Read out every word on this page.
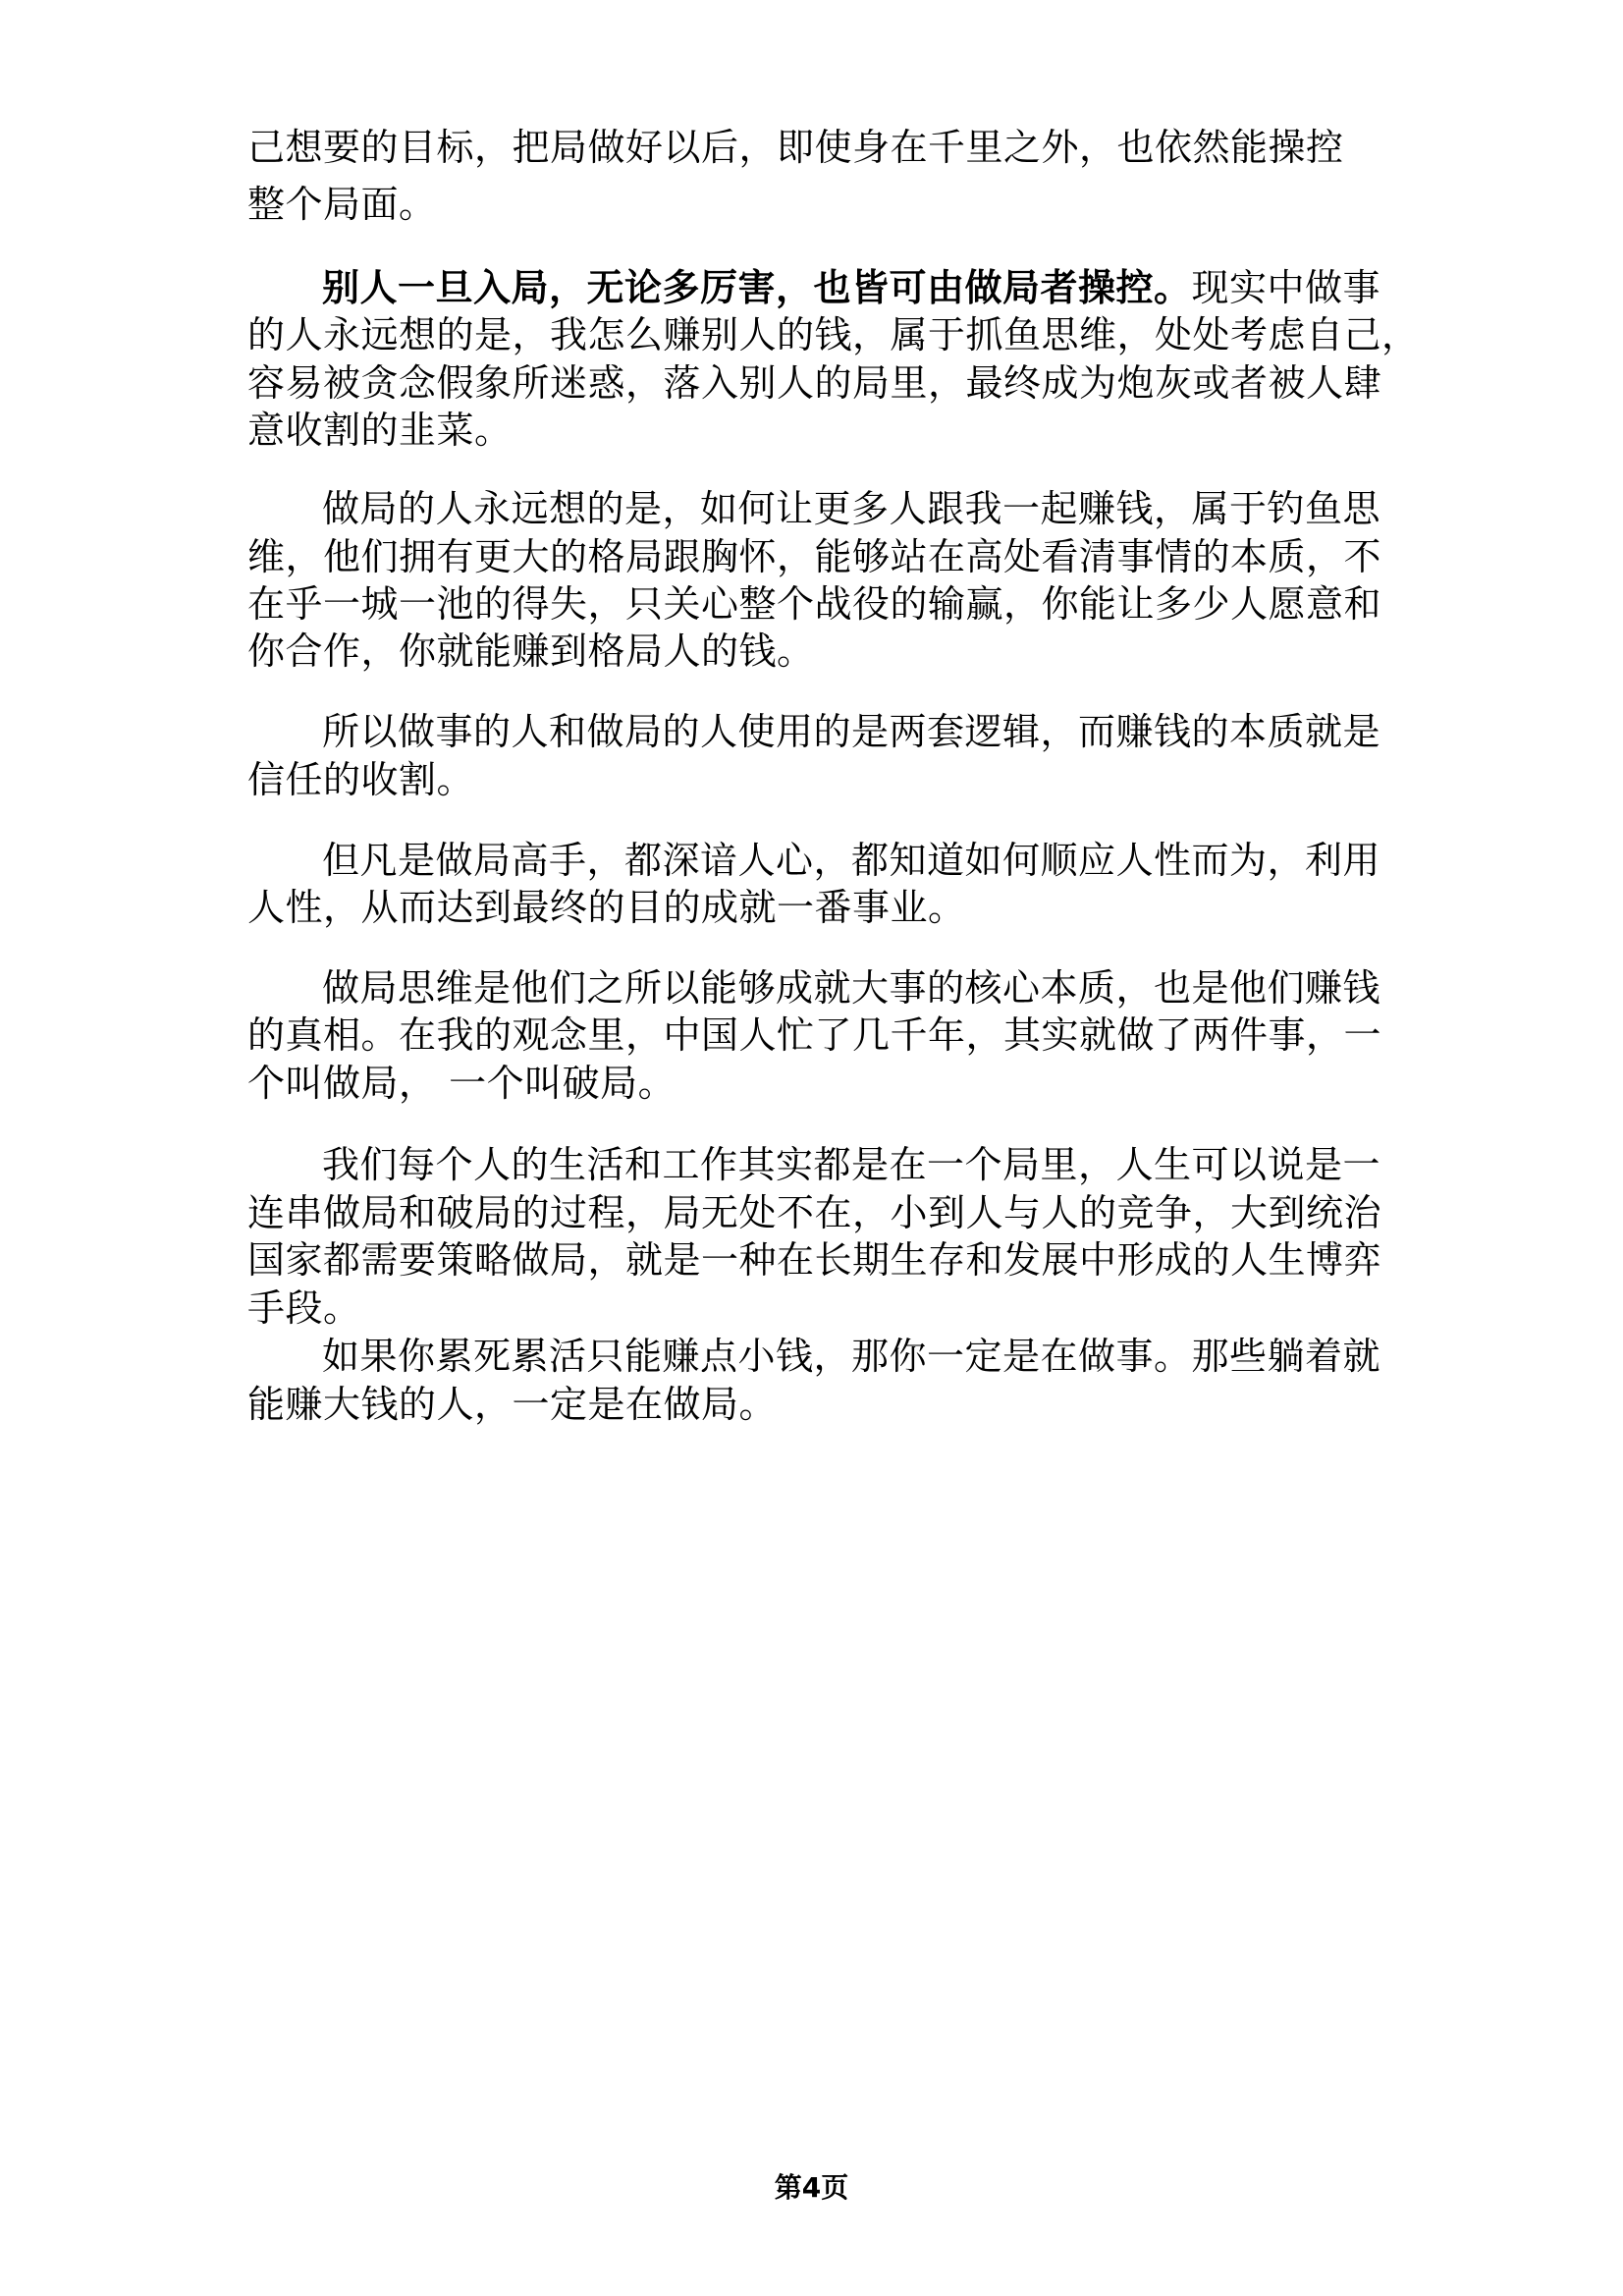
己想要的目标，把局做好以后，即使身在千里之外，也依然能操控
整个局面。
别人一旦入局，无论多厉害，也皆可由做局者操控。现实中做事
的人永远想的是，我怎么赚别人的钱，属于抓鱼思维，处处考虑自己，
容易被贪念假象所迷惑，落入别人的局里，最终成为炮灰或者被人肆
意收割的韭菜。
做局的人永远想的是，如何让更多人跟我一起赚钱，属于钓鱼思
维，他们拥有更大的格局跟胸怀，能够站在高处看清事情的本质，不
在乎一城一池的得失，只关心整个战役的输赢，你能让多少人愿意和
你合作，你就能赚到格局人的钱。
所以做事的人和做局的人使用的是两套逻辑，而赚钱的本质就是
信任的收割。
但凡是做局高手，都深谙人心，都知道如何顺应人性而为，利用
人性，从而达到最终的目的成就一番事业。
做局思维是他们之所以能够成就大事的核心本质，也是他们赚钱
的真相。在我的观念里，中国人忙了几千年，其实就做了两件事，一
个叫做局， 一个叫破局。
我们每个人的生活和工作其实都是在一个局里，人生可以说是一
连串做局和破局的过程，局无处不在，小到人与人的竞争，大到统治
国家都需要策略做局，就是一种在长期生存和发展中形成的人生博弈
手段。
如果你累死累活只能赚点小钱，那你一定是在做事。那些躺着就
能赚大钱的人，一定是在做局。
第4页
